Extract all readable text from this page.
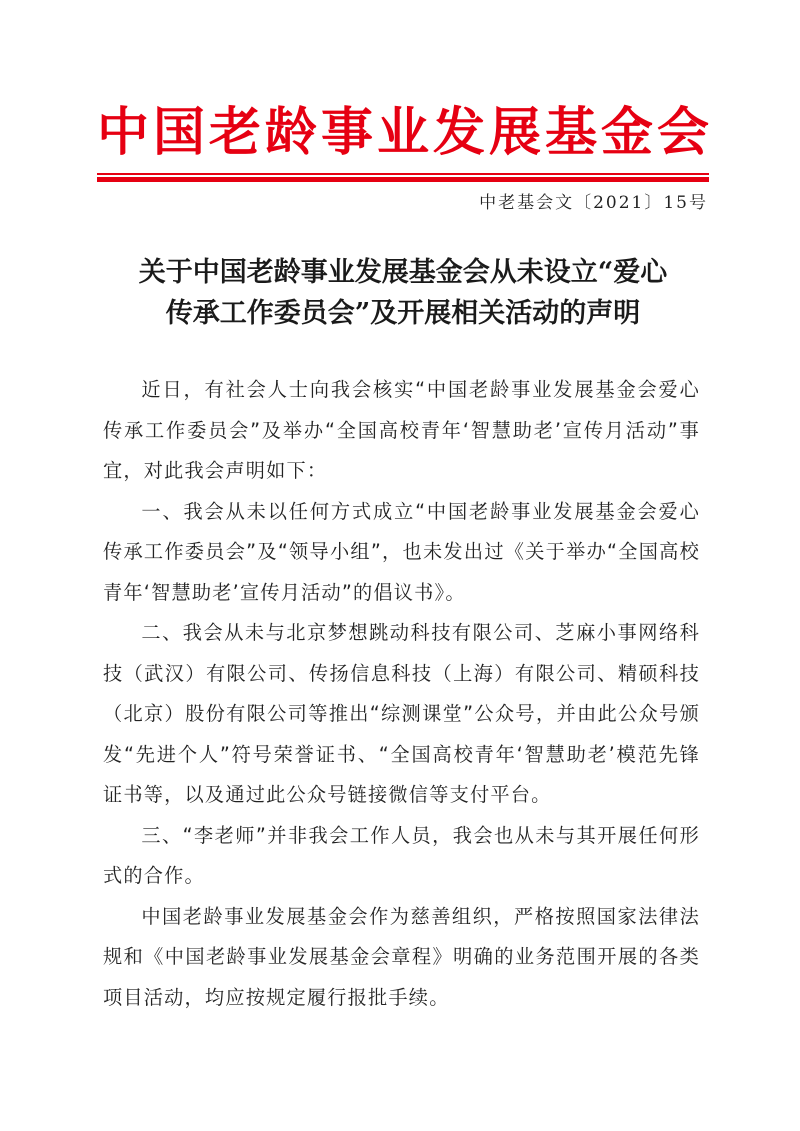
中国老龄事业发展基金会
中老基会文〔2021〕15号
关于中国老龄事业发展基金会从未设立“爱心
传承工作委员会”及开展相关活动的声明

近日，有社会人士向我会核实“中国老龄事业发展基金会爱心传承工作委员会”及举办“全国高校青年‘智慧助老’宣传月活动”事宜，对此我会声明如下：

一、我会从未以任何方式成立“中国老龄事业发展基金会爱心传承工作委员会”及“领导小组”，也未发出过《关于举办“全国高校青年‘智慧助老’宣传月活动”的倡议书》。

二、我会从未与北京梦想跳动科技有限公司、芝麻小事网络科技（武汉）有限公司、传扬信息科技（上海）有限公司、精硕科技（北京）股份有限公司等推出“综测课堂”公众号，并由此公众号颁发“先进个人”符号荣誉证书、“全国高校青年‘智慧助老’模范先锋证书等，以及通过此公众号链接微信等支付平台。

三、“李老师”并非我会工作人员，我会也从未与其开展任何形式的合作。

中国老龄事业发展基金会作为慈善组织，严格按照国家法律法规和《中国老龄事业发展基金会章程》明确的业务范围开展的各类项目活动，均应按规定履行报批手续。
